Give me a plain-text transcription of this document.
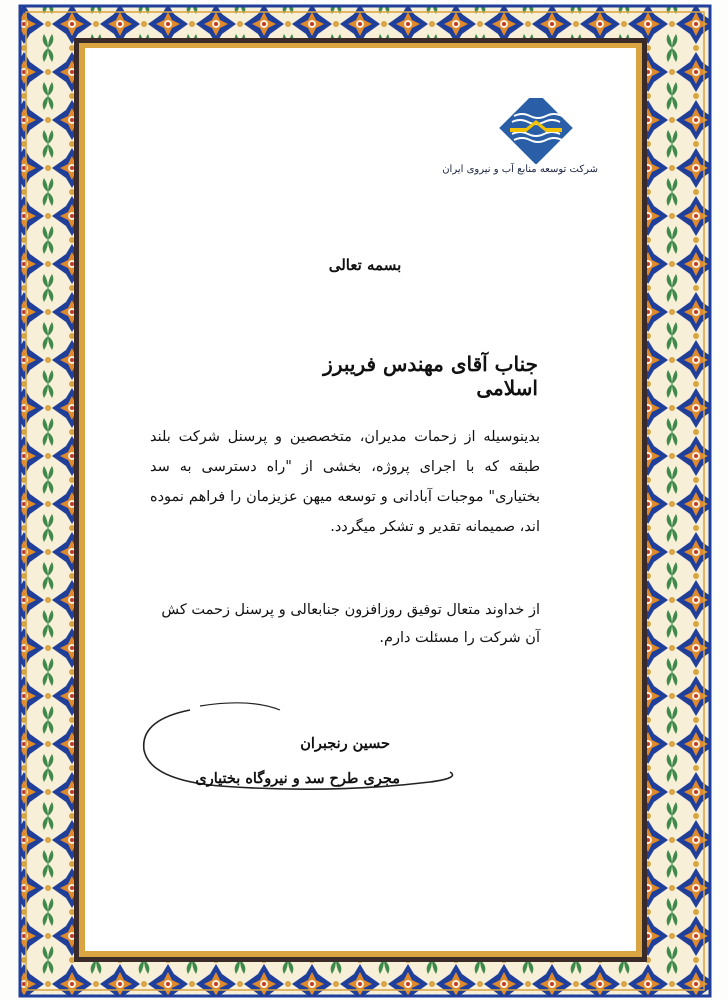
شرکت توسعه منابع آب و نیروی ایران
بسمه تعالی
جناب آقای مهندس فریبرز اسلامی
بدینوسیله از زحمات مدیران، متخصصین و پرسنل شرکت بلند طبقه که با اجرای پروژه، بخشی از "راه دسترسی به سد بختیاری" موجبات آبادانی و توسعه میهن عزیزمان را فراهم نموده اند، صمیمانه تقدیر و تشکر میگردد.
از خداوند متعال توفیق روزافزون جنابعالی و پرسنل زحمت کش آن شرکت را مسئلت دارم.
حسین رنجبران
مجری طرح سد و نیروگاه بختیاری
